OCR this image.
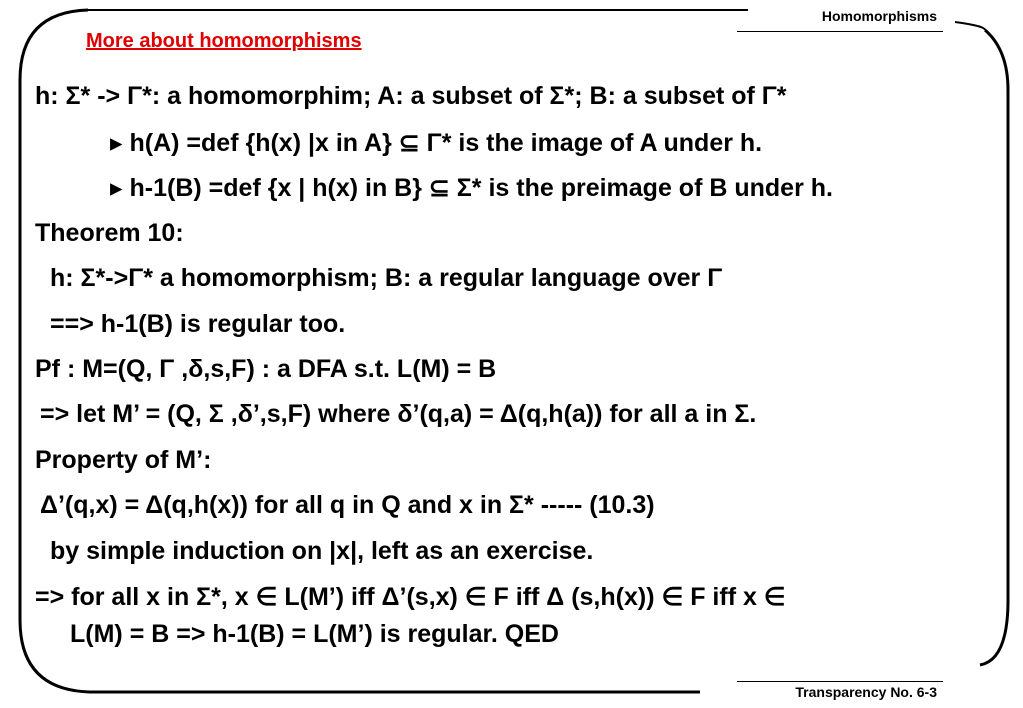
Homomorphisms
More about homomorphisms
h: Σ* -> Γ*: a homomorphim; A: a subset of Σ*; B: a subset of Γ*
▸ h(A) =def {h(x) |x in A} ⊆ Γ* is the image of A under h.
▸ h-1(B) =def {x | h(x) in B} ⊆ Σ* is the preimage of B under h.
Theorem 10:
h: Σ*->Γ* a homomorphism; B: a regular language over Γ
==> h-1(B) is regular too.
Pf : M=(Q, Γ ,δ,s,F) : a DFA s.t. L(M) = B
=> let M’ = (Q, Σ ,δ’,s,F) where δ’(q,a) = Δ(q,h(a)) for all a in Σ.
Property of M’:
Δ’(q,x) = Δ(q,h(x)) for all q in Q and x in Σ* ----- (10.3)
by simple induction on |x|, left as an exercise.
=> for all x in Σ*, x ∈ L(M’) iff Δ’(s,x) ∈ F iff Δ (s,h(x)) ∈ F iff x ∈
L(M) = B => h-1(B) = L(M’) is regular. QED
Transparency No. 6-3
